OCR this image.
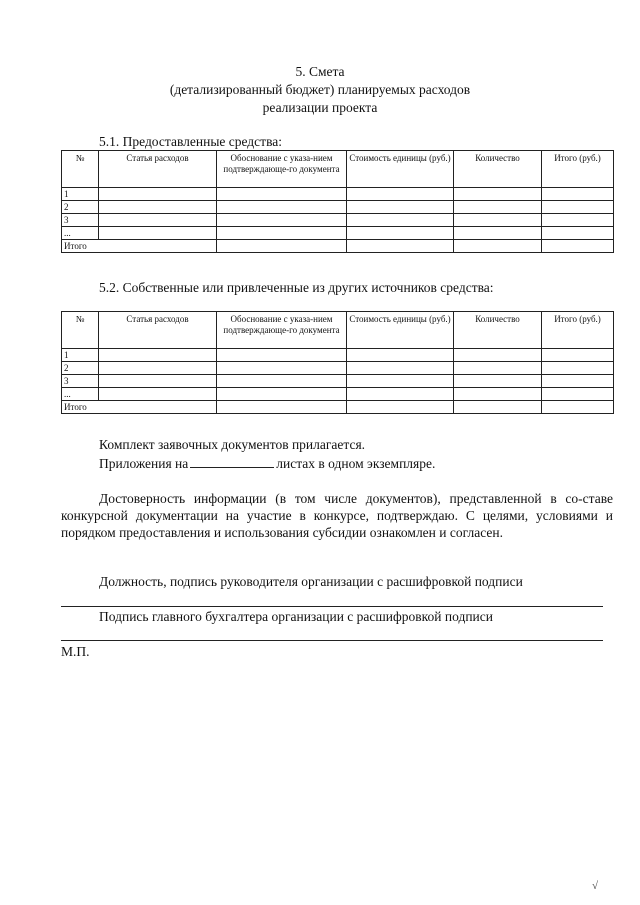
5. Смета
(детализированный бюджет) планируемых расходов
реализации проекта
5.1. Предоставленные средства:
№	Статья расходов	Обоснование с указа-нием подтверждающе-го документа	Стоимость единицы (руб.)	Количество	Итого (руб.)
1					
2					
3					
...					
Итого					
5.2. Собственные или привлеченные из других источников средства:
№	Статья расходов	Обоснование с указа-нием подтверждающе-го документа	Стоимость единицы (руб.)	Количество	Итого (руб.)
1					
2					
3					
...					
Итого					
Комплект заявочных документов прилагается.
Приложения на	листах в одном экземпляре.
Достоверность информации (в том числе документов), представленной в со-ставе конкурсной документации на участие в конкурсе, подтверждаю. С целями, условиями и порядком предоставления и использования субсидии ознакомлен и согласен.
Должность, подпись руководителя организации с расшифровкой подписи
Подпись главного бухгалтера организации с расшифровкой подписи
М.П.
√
